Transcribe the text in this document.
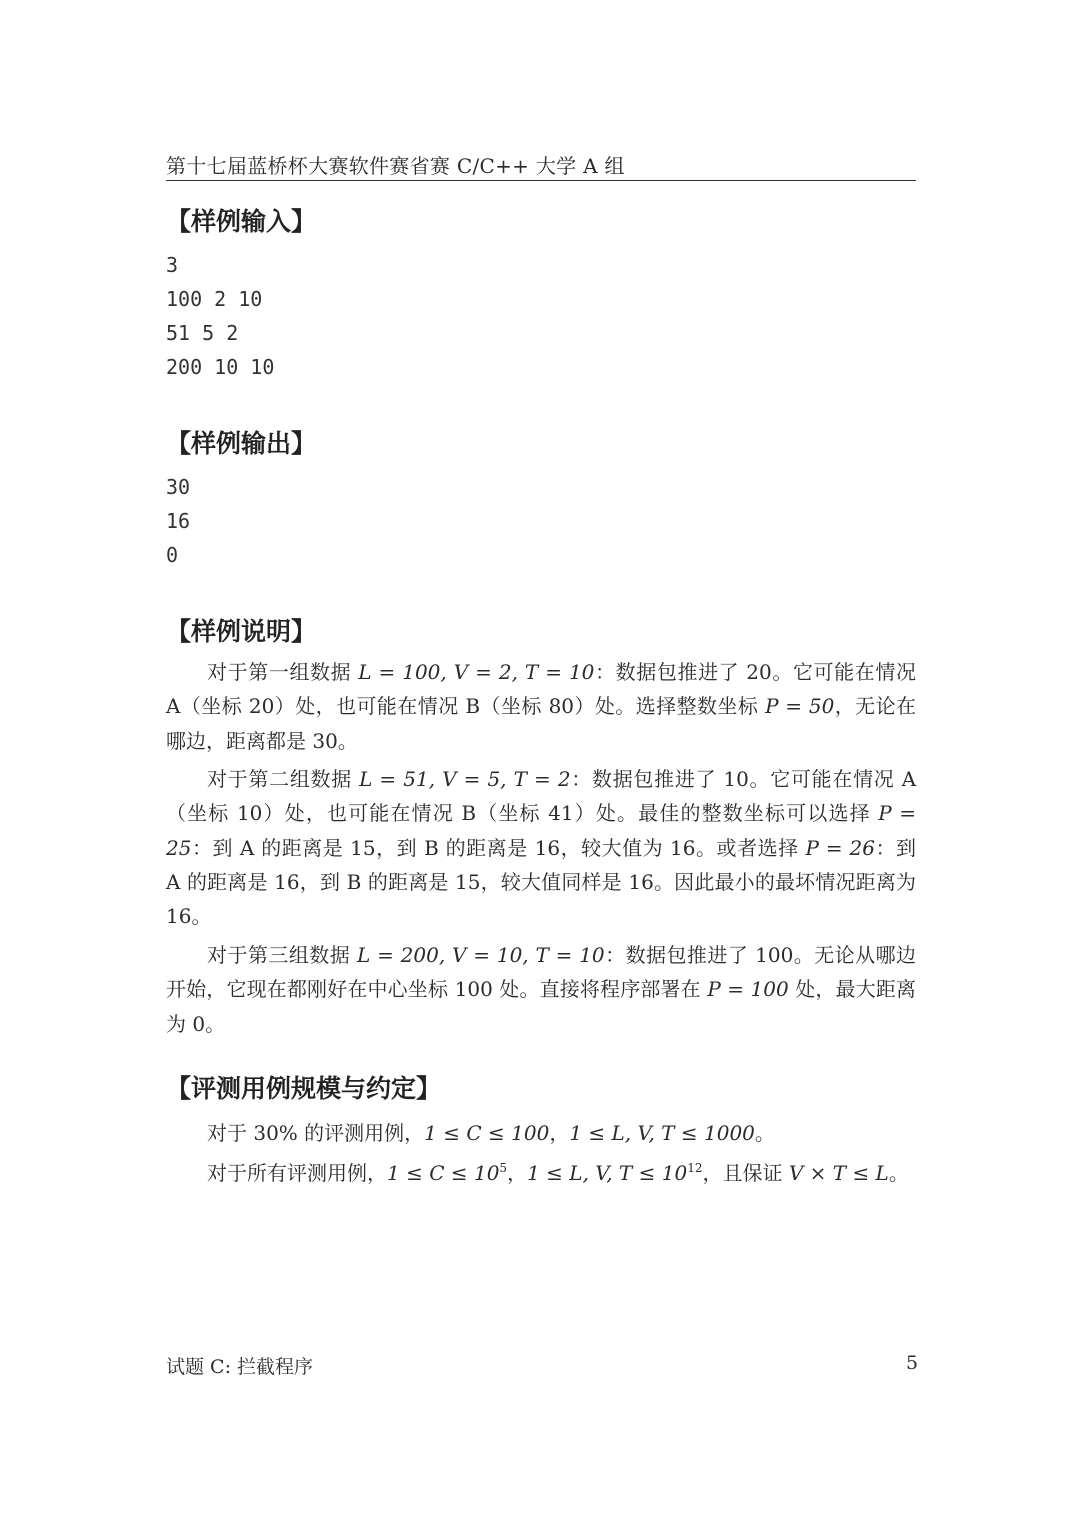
第十七届蓝桥杯大赛软件赛省赛 C/C++ 大学 A 组
【样例输入】
3
100 2 10
51 5 2
200 10 10
【样例输出】
30
16
0
【样例说明】
对于第一组数据 L = 100, V = 2, T = 10：数据包推进了 20。它可能在情况 A（坐标 20）处，也可能在情况 B（坐标 80）处。选择整数坐标 P = 50，无论在哪边，距离都是 30。
对于第二组数据 L = 51, V = 5, T = 2：数据包推进了 10。它可能在情况 A（坐标 10）处，也可能在情况 B（坐标 41）处。最佳的整数坐标可以选择 P = 25：到 A 的距离是 15，到 B 的距离是 16，较大值为 16。或者选择 P = 26：到 A 的距离是 16，到 B 的距离是 15，较大值同样是 16。因此最小的最坏情况距离为 16。
对于第三组数据 L = 200, V = 10, T = 10：数据包推进了 100。无论从哪边开始，它现在都刚好在中心坐标 100 处。直接将程序部署在 P = 100 处，最大距离为 0。
【评测用例规模与约定】
对于 30% 的评测用例，1 ≤ C ≤ 100，1 ≤ L, V, T ≤ 1000。
对于所有评测用例，$1 \le C \le 10^5$，1 ≤ L, V, $T \le 10^{12}$，且保证 V × T ≤ L。
试题 C: 拦截程序	5
